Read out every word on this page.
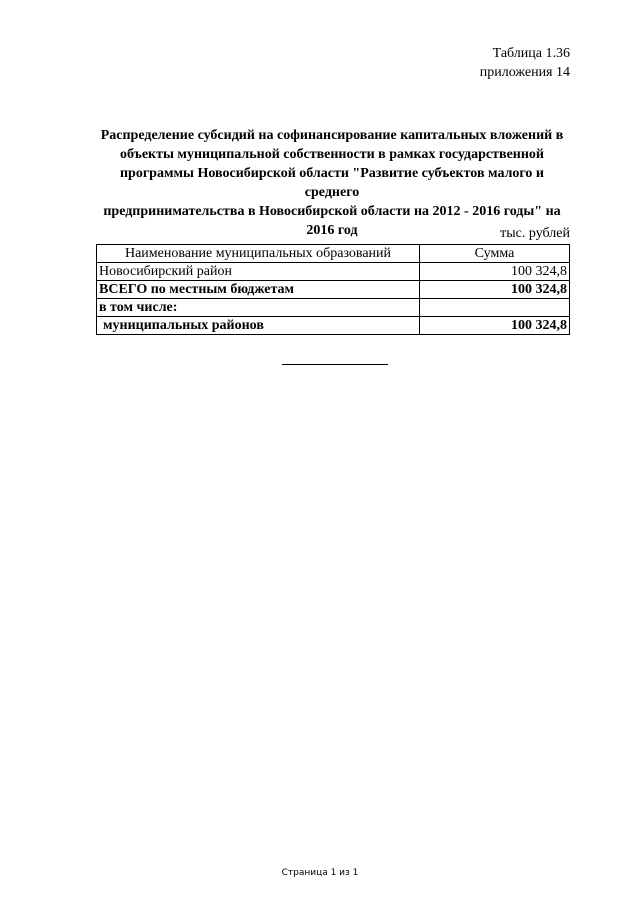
Таблица 1.36
приложения 14
Распределение субсидий на софинансирование капитальных вложений в
объекты муниципальной собственности в рамках государственной
программы Новосибирской области "Развитие субъектов малого и среднего
предпринимательства в Новосибирской области на 2012 - 2016 годы" на
2016 год	тыс. рублей
Наименование муниципальных образований	Сумма
Новосибирский район	100 324,8
ВСЕГО по местным бюджетам	100 324,8
в том числе:	
муниципальных районов	100 324,8
Страница 1 из 1
